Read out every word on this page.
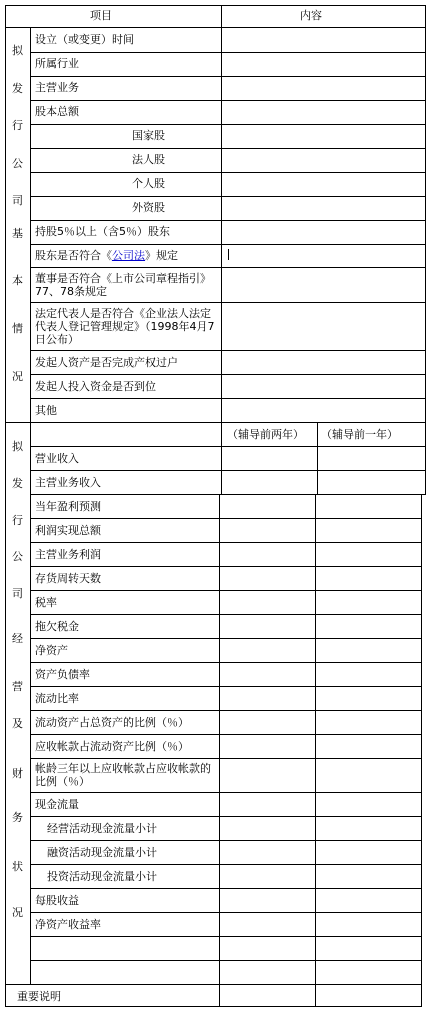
项目	内容
拟
发
行
公
司
基
本
情
况
设立（或变更）时间
所属行业
主营业务
股本总额
国家股
法人股
个人股
外资股
持股5％以上（含5％）股东
股东是否符合《公司法》规定
董事是否符合《上市公司章程指引》77、78条规定
法定代表人是否符合《企业法人法定代表人登记管理规定》（1998年4月7日公布）
发起人资产是否完成产权过户
发起人投入资金是否到位
其他
拟
发
行
公
司
经
营
及
财
务
状
况
（辅导前两年） （辅导前一年）
营业收入
主营业务收入
当年盈利预测
利润实现总额
主营业务利润
存货周转天数
税率
拖欠税金
净资产
资产负债率
流动比率
流动资产占总资产的比例（％）
应收帐款占流动资产比例（％）
帐龄三年以上应收帐款占应收帐款的比例（％）
现金流量
经营活动现金流量小计
融资活动现金流量小计
投资活动现金流量小计
每股收益
净资产收益率
重要说明
